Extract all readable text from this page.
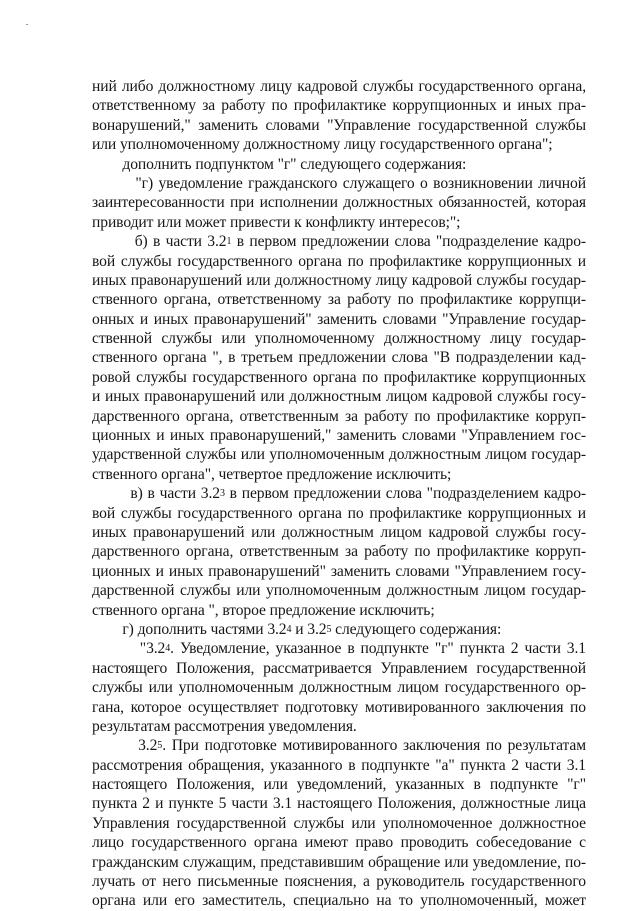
ний либо должностному лицу кадровой службы государственного органа,
ответственному за работу по профилактике коррупционных и иных пра-
вонарушений," заменить словами "Управление государственной службы
или уполномоченному должностному лицу государственного органа";
дополнить подпунктом "г" следующего содержания:
"г) уведомление гражданского служащего о возникновении личной
заинтересованности при исполнении должностных обязанностей, которая
приводит или может привести к конфликту интересов;";
б) в части $3.2^1$ в первом предложении слова "подразделение кадро-
вой службы государственного органа по профилактике коррупционных и
иных правонарушений или должностному лицу кадровой службы государ-
ственного органа, ответственному за работу по профилактике коррупци-
онных и иных правонарушений" заменить словами "Управление государ-
ственной службы или уполномоченному должностному лицу государ-
ственного органа ", в третьем предложении слова "В подразделении кад-
ровой службы государственного органа по профилактике коррупционных
и иных правонарушений или должностным лицом кадровой службы госу-
дарственного органа, ответственным за работу по профилактике корруп-
ционных и иных правонарушений," заменить словами "Управлением гос-
ударственной службы или уполномоченным должностным лицом государ-
ственного органа", четвертое предложение исключить;
в) в части $3.2^3$ в первом предложении слова "подразделением кадро-
вой службы государственного органа по профилактике коррупционных и
иных правонарушений или должностным лицом кадровой службы госу-
дарственного органа, ответственным за работу по профилактике корруп-
ционных и иных правонарушений" заменить словами "Управлением госу-
дарственной службы или уполномоченным должностным лицом государ-
ственного органа ", второе предложение исключить;
г) дополнить частями $3.2^4$ и $3.2^5$ следующего содержания:
"$3.2^4$. Уведомление, указанное в подпункте "г" пункта 2 части 3.1
настоящего Положения, рассматривается Управлением государственной
службы или уполномоченным должностным лицом государственного ор-
гана, которое осуществляет подготовку мотивированного заключения по
результатам рассмотрения уведомления.
$3.2^5$. При подготовке мотивированного заключения по результатам
рассмотрения обращения, указанного в подпункте "а" пункта 2 части 3.1
настоящего Положения, или уведомлений, указанных в подпункте "г"
пункта 2 и пункте 5 части 3.1 настоящего Положения, должностные лица
Управления государственной службы или уполномоченное должностное
лицо государственного органа имеют право проводить собеседование с
гражданским служащим, представившим обращение или уведомление, по-
лучать от него письменные пояснения, а руководитель государственного
органа или его заместитель, специально на то уполномоченный, может
